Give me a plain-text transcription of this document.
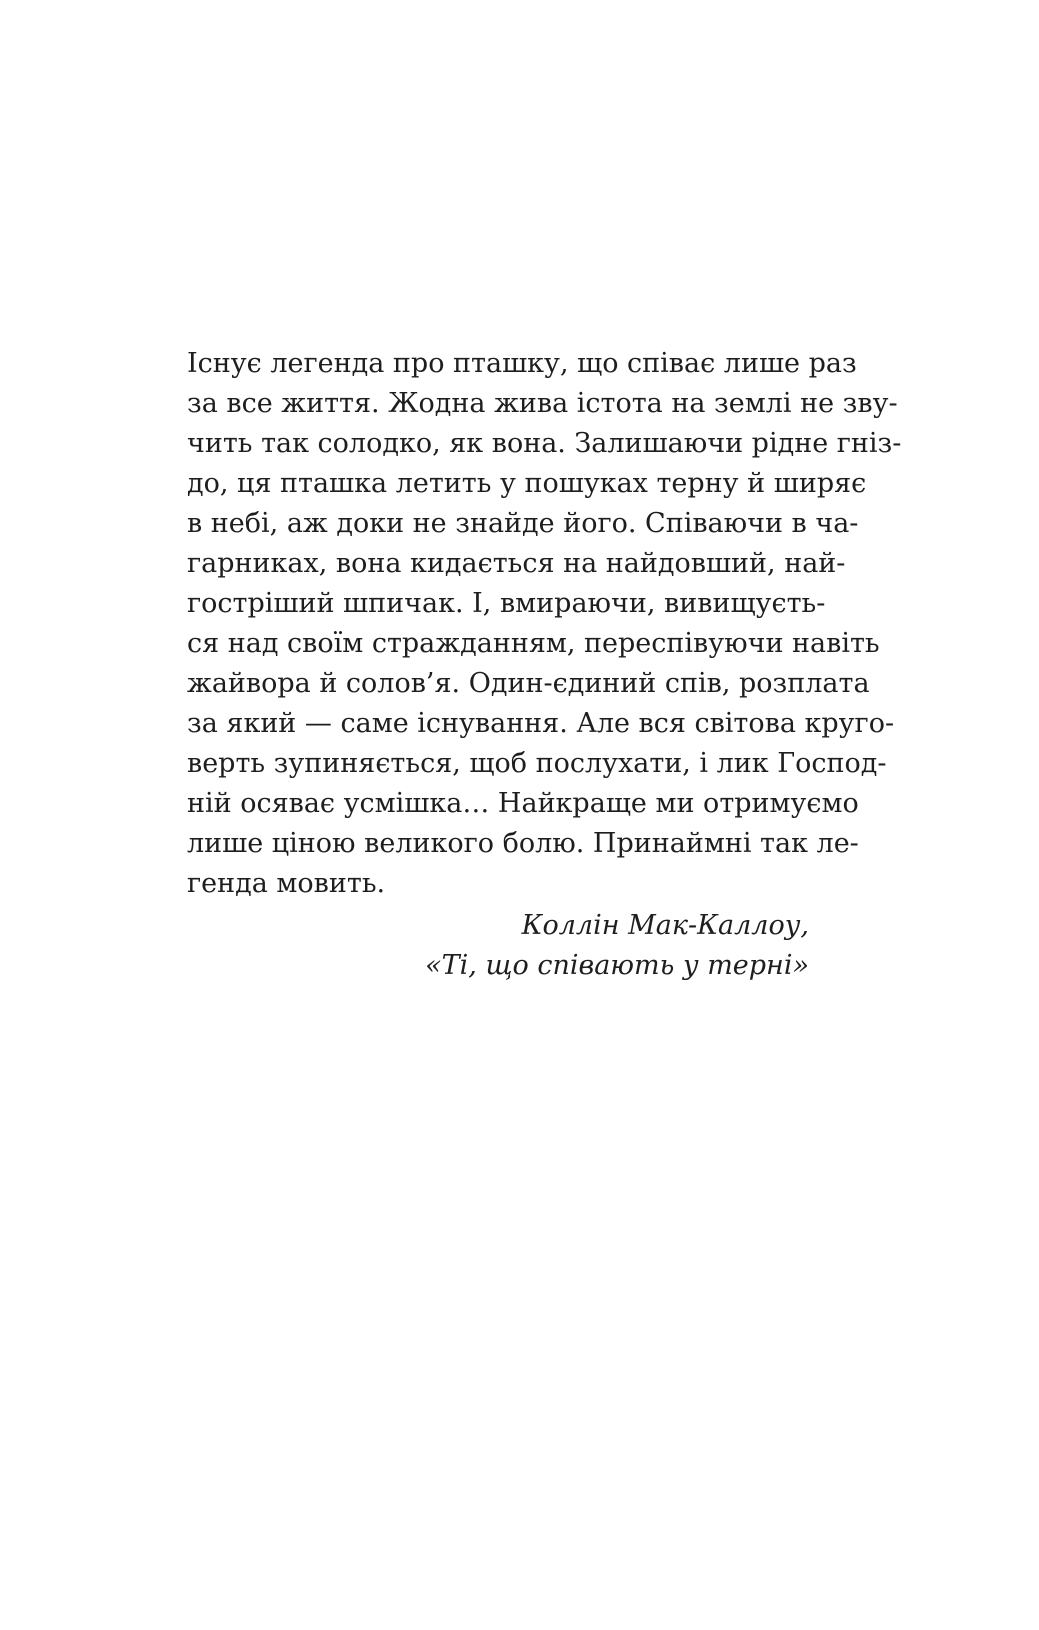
Існує легенда про пташку, що співає лише раз
за все життя. Жодна жива істота на землі не зву-
чить так солодко, як вона. Залишаючи рідне гніз-
до, ця пташка летить у пошуках терну й ширяє
в небі, аж доки не знайде його. Співаючи в ча-
гарниках, вона кидається на найдовший, най-
гостріший шпичак. І, вмираючи, вивищуєть-
ся над своїм стражданням, переспівуючи навіть
жайвора й солов’я. Один-єдиний спів, розплата
за який — саме існування. Але вся світова круго-
верть зупиняється, щоб послухати, і лик Господ-
ній осяває усмішка… Найкраще ми отримуємо
лише ціною великого болю. Принаймні так ле-
генда мовить.
Коллін Мак-Каллоу,
«Ті, що співають у терні»
